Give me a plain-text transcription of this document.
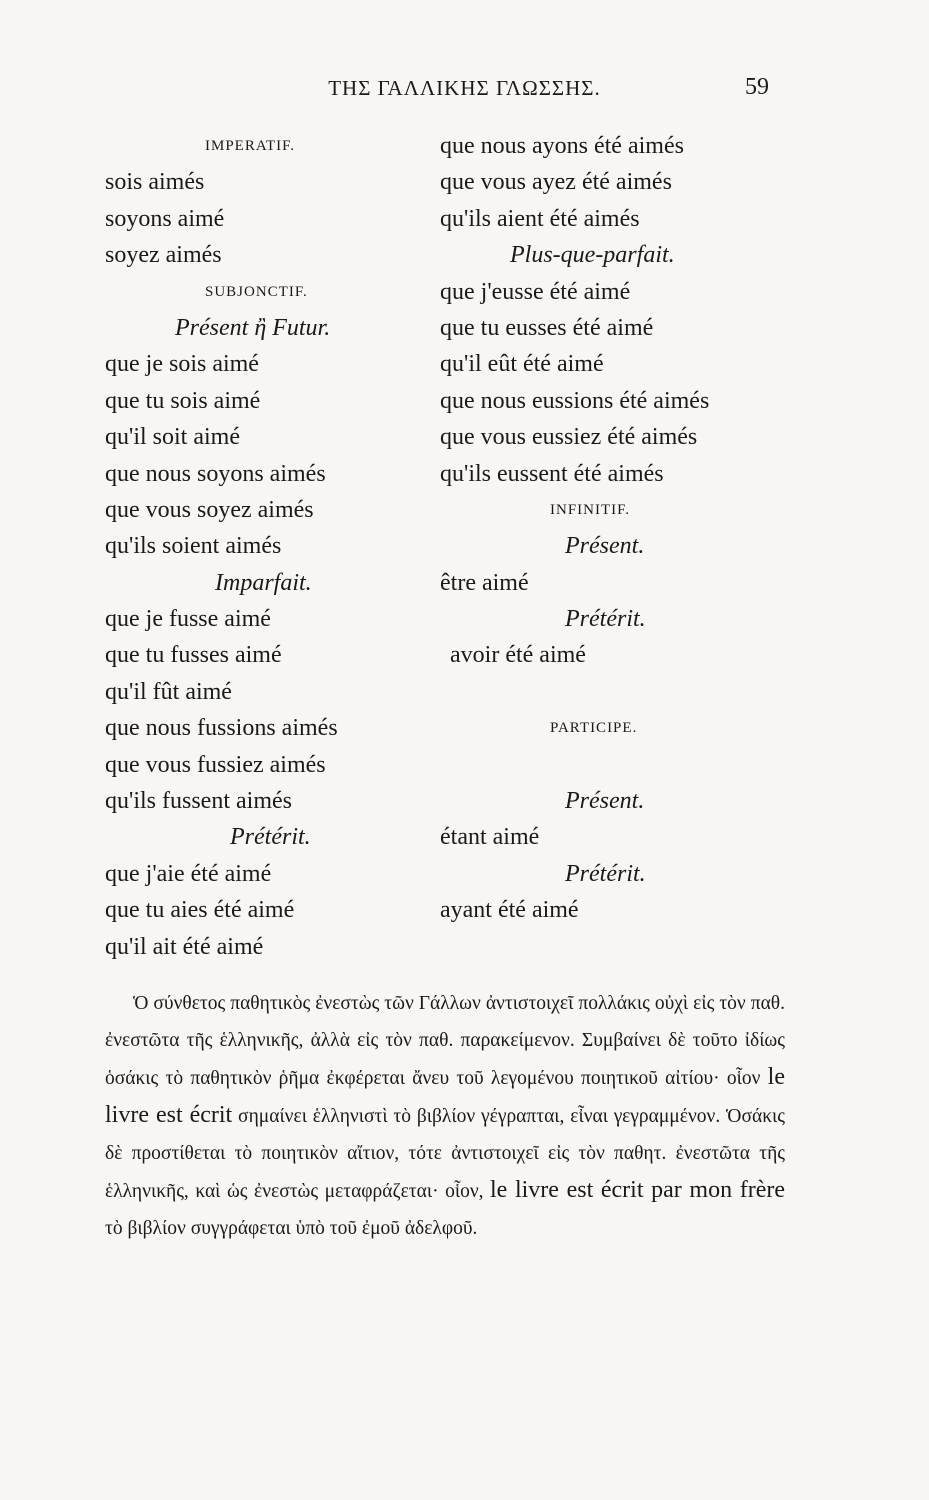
ΤΗΣ ΓΑΛΛΙΚΗΣ ΓΛΩΣΣΗΣ.	59
IMPERATIF.
sois aimés
soyons aimé
soyez aimés
SUBJONCTIF.
Présent ἢ Futur.
que je sois aimé
que tu sois aimé
qu'il soit aimé
que nous soyons aimés
que vous soyez aimés
qu'ils soient aimés
Imparfait.
que je fusse aimé
que tu fusses aimé
qu'il fût aimé
que nous fussions aimés
que vous fussiez aimés
qu'ils fussent aimés
Prétérit.
que j'aie été aimé
que tu aies été aimé
qu'il ait été aimé
que nous ayons été aimés
que vous ayez été aimés
qu'ils aient été aimés
Plus-que-parfait.
que j'eusse été aimé
que tu eusses été aimé
qu'il eût été aimé
que nous eussions été aimés
que vous eussiez été aimés
qu'ils eussent été aimés
INFINITIF.
Présent.
être aimé
Prétérit.
avoir été aimé
PARTICIPE.
Présent.
étant aimé
Prétérit.
ayant été aimé

Ὁ σύνθετος παθητικὸς ἐνεστὼς τῶν Γάλλων ἀντιστοιχεῖ πολλάκις οὐχὶ εἰς τὸν παθ. ἐνεστῶτα τῆς ἑλληνικῆς, ἀλλὰ εἰς τὸν παθ. παρακείμενον. Συμβαίνει δὲ τοῦτο ἰδίως ὁσάκις τὸ παθητικὸν ῥῆμα ἐκφέρεται ἄνευ τοῦ λεγομένου ποιητικοῦ αἰτίου· οἷον le livre est écrit σημαίνει ἑλληνιστὶ τὸ βιβλίον γέγραπται, εἶναι γεγραμμένον. Ὁσάκις δὲ προστίθεται τὸ ποιητικὸν αἴτιον, τότε ἀντιστοιχεῖ εἰς τὸν παθητ. ἐνεστῶτα τῆς ἑλληνικῆς, καὶ ὡς ἐνεστὼς μεταφράζεται· οἷον, le livre est écrit par mon frère τὸ βιβλίον συγγράφεται ὑπὸ τοῦ ἐμοῦ ἀδελφοῦ.
